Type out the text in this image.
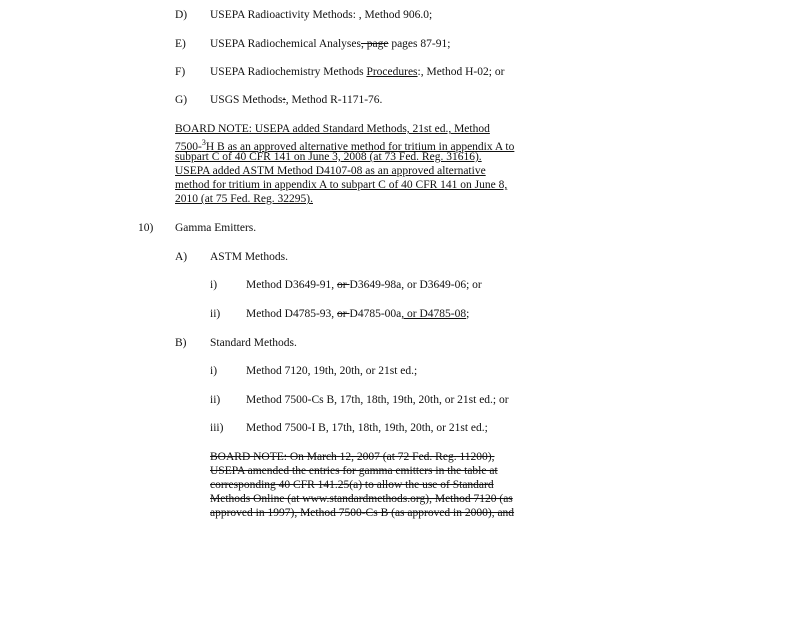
D) USEPA Radioactivity Methods: , Method 906.0;
E) USEPA Radiochemical Analyses, page pages 87-91;
F) USEPA Radiochemistry Methods Procedures:, Method H-02; or
G) USGS Methods:, Method R-1171-76.
BOARD NOTE: USEPA added Standard Methods, 21st ed., Method
7500-$^3$H B as an approved alternative method for tritium in appendix A to
subpart C of 40 CFR 141 on June 3, 2008 (at 73 Fed. Reg. 31616).
USEPA added ASTM Method D4107-08 as an approved alternative
method for tritium in appendix A to subpart C of 40 CFR 141 on June 8,
2010 (at 75 Fed. Reg. 32295).
10) Gamma Emitters.
A) ASTM Methods.
i)	Method D3649-91, or D3649-98a, or D3649-06; or
ii) Method D4785-93, or D4785-00a, or D4785-08;
B) Standard Methods.
i)	Method 7120, 19th, 20th, or 21st ed.;
ii) Method 7500-Cs B, 17th, 18th, 19th, 20th, or 21st ed.; or
iii) Method 7500-I B, 17th, 18th, 19th, 20th, or 21st ed.;
BOARD NOTE: On March 12, 2007 (at 72 Fed. Reg. 11200),
USEPA amended the entries for gamma emitters in the table at
corresponding 40 CFR 141.25(a) to allow the use of Standard
Methods Online (at www.standardmethods.org), Method 7120 (as
approved in 1997), Method 7500-Cs B (as approved in 2000), and
